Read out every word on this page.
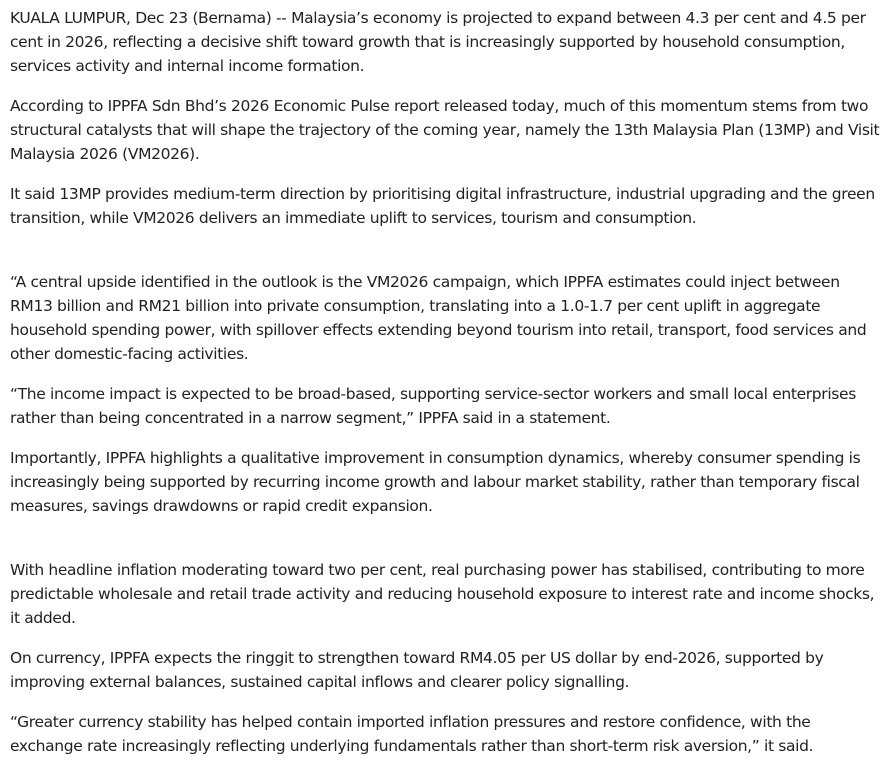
KUALA LUMPUR, Dec 23 (Bernama) -- Malaysia’s economy is projected to expand between 4.3 per cent and 4.5 per cent in 2026, reflecting a decisive shift toward growth that is increasingly supported by household consumption, services activity and internal income formation.

According to IPPFA Sdn Bhd’s 2026 Economic Pulse report released today, much of this momentum stems from two structural catalysts that will shape the trajectory of the coming year, namely the 13th Malaysia Plan (13MP) and Visit Malaysia 2026 (VM2026).

It said 13MP provides medium-term direction by prioritising digital infrastructure, industrial upgrading and the green transition, while VM2026 delivers an immediate uplift to services, tourism and consumption.

“A central upside identified in the outlook is the VM2026 campaign, which IPPFA estimates could inject between RM13 billion and RM21 billion into private consumption, translating into a 1.0-1.7 per cent uplift in aggregate household spending power, with spillover effects extending beyond tourism into retail, transport, food services and other domestic-facing activities.

“The income impact is expected to be broad-based, supporting service-sector workers and small local enterprises rather than being concentrated in a narrow segment,” IPPFA said in a statement.

Importantly, IPPFA highlights a qualitative improvement in consumption dynamics, whereby consumer spending is increasingly being supported by recurring income growth and labour market stability, rather than temporary fiscal measures, savings drawdowns or rapid credit expansion.

With headline inflation moderating toward two per cent, real purchasing power has stabilised, contributing to more predictable wholesale and retail trade activity and reducing household exposure to interest rate and income shocks, it added.

On currency, IPPFA expects the ringgit to strengthen toward RM4.05 per US dollar by end-2026, supported by improving external balances, sustained capital inflows and clearer policy signalling.

“Greater currency stability has helped contain imported inflation pressures and restore confidence, with the exchange rate increasingly reflecting underlying fundamentals rather than short-term risk aversion,” it said.
